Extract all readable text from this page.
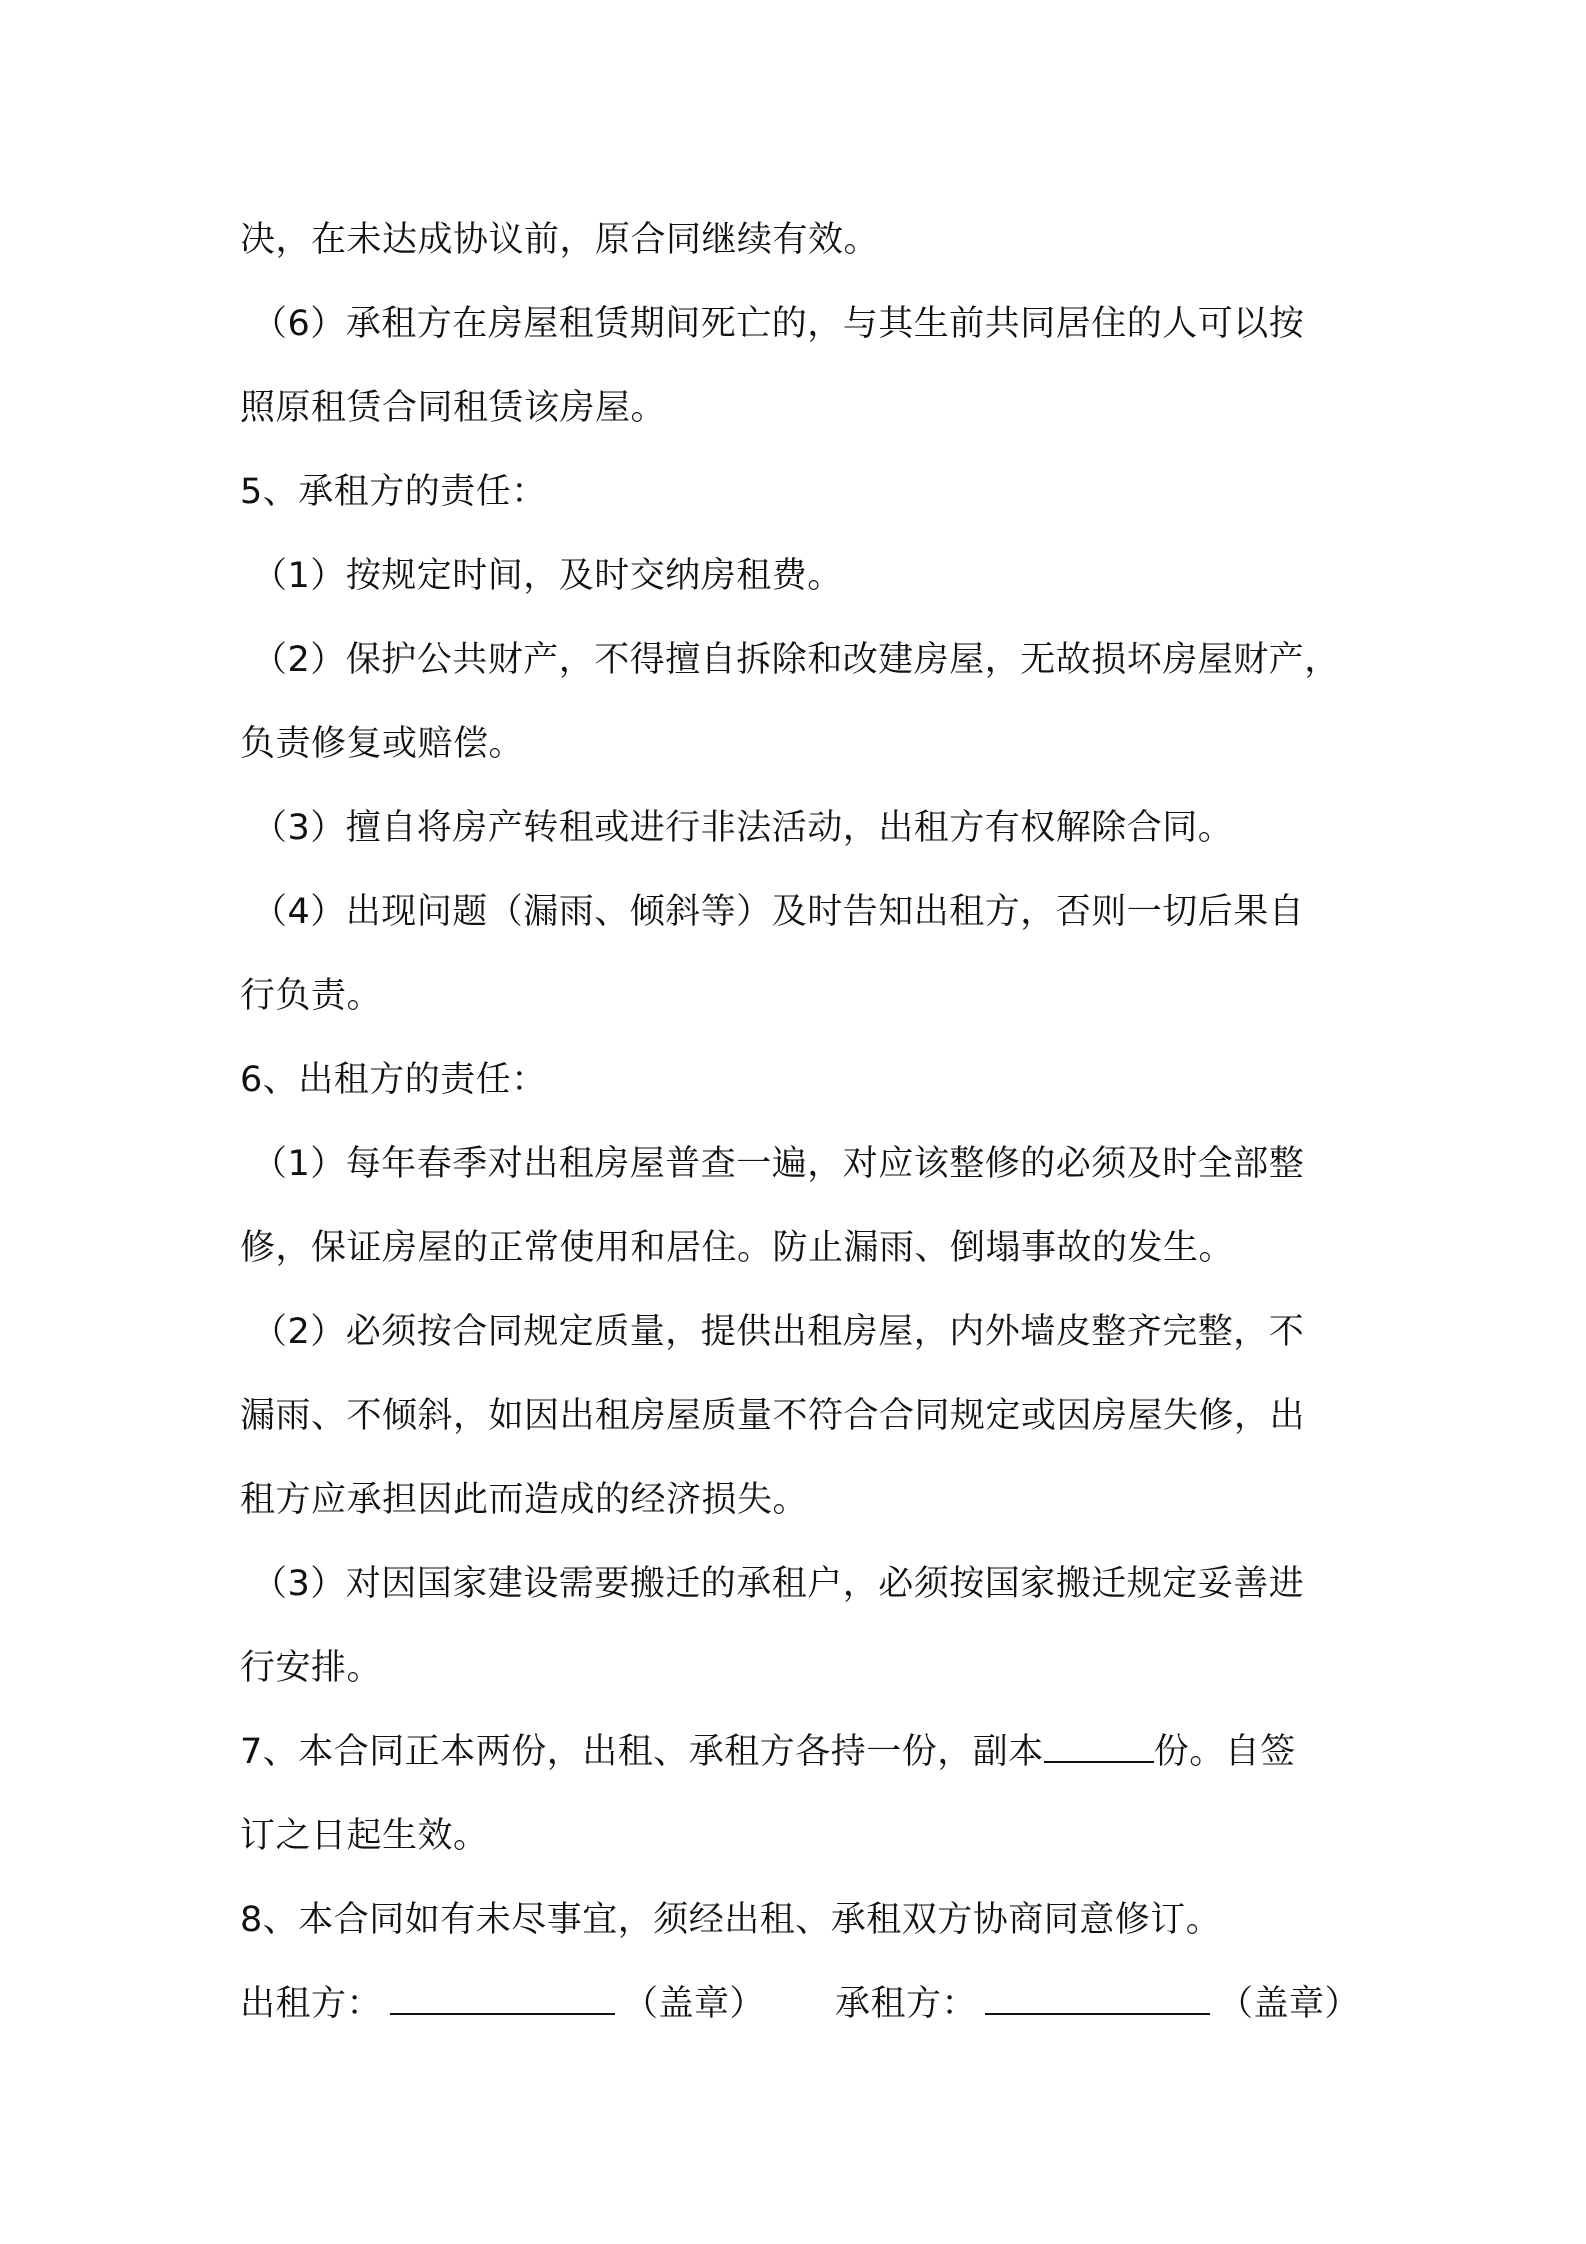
决，在未达成协议前，原合同继续有效。
（6）承租方在房屋租赁期间死亡的，与其生前共同居住的人可以按
照原租赁合同租赁该房屋。
5、承租方的责任：
（1）按规定时间，及时交纳房租费。
（2）保护公共财产，不得擅自拆除和改建房屋，无故损坏房屋财产，
负责修复或赔偿。
（3）擅自将房产转租或进行非法活动，出租方有权解除合同。
（4）出现问题（漏雨、倾斜等）及时告知出租方，否则一切后果自
行负责。
6、出租方的责任：
（1）每年春季对出租房屋普查一遍，对应该整修的必须及时全部整
修，保证房屋的正常使用和居住。防止漏雨、倒塌事故的发生。
（2）必须按合同规定质量，提供出租房屋，内外墙皮整齐完整，不
漏雨、不倾斜，如因出租房屋质量不符合合同规定或因房屋失修，出
租方应承担因此而造成的经济损失。
（3）对因国家建设需要搬迁的承租户，必须按国家搬迁规定妥善进
行安排。
7、本合同正本两份，出租、承租方各持一份，副本	份。自签
订之日起生效。
8、本合同如有未尽事宜，须经出租、承租双方协商同意修订。
出租方：	（盖章） 承租方：	（盖章）
